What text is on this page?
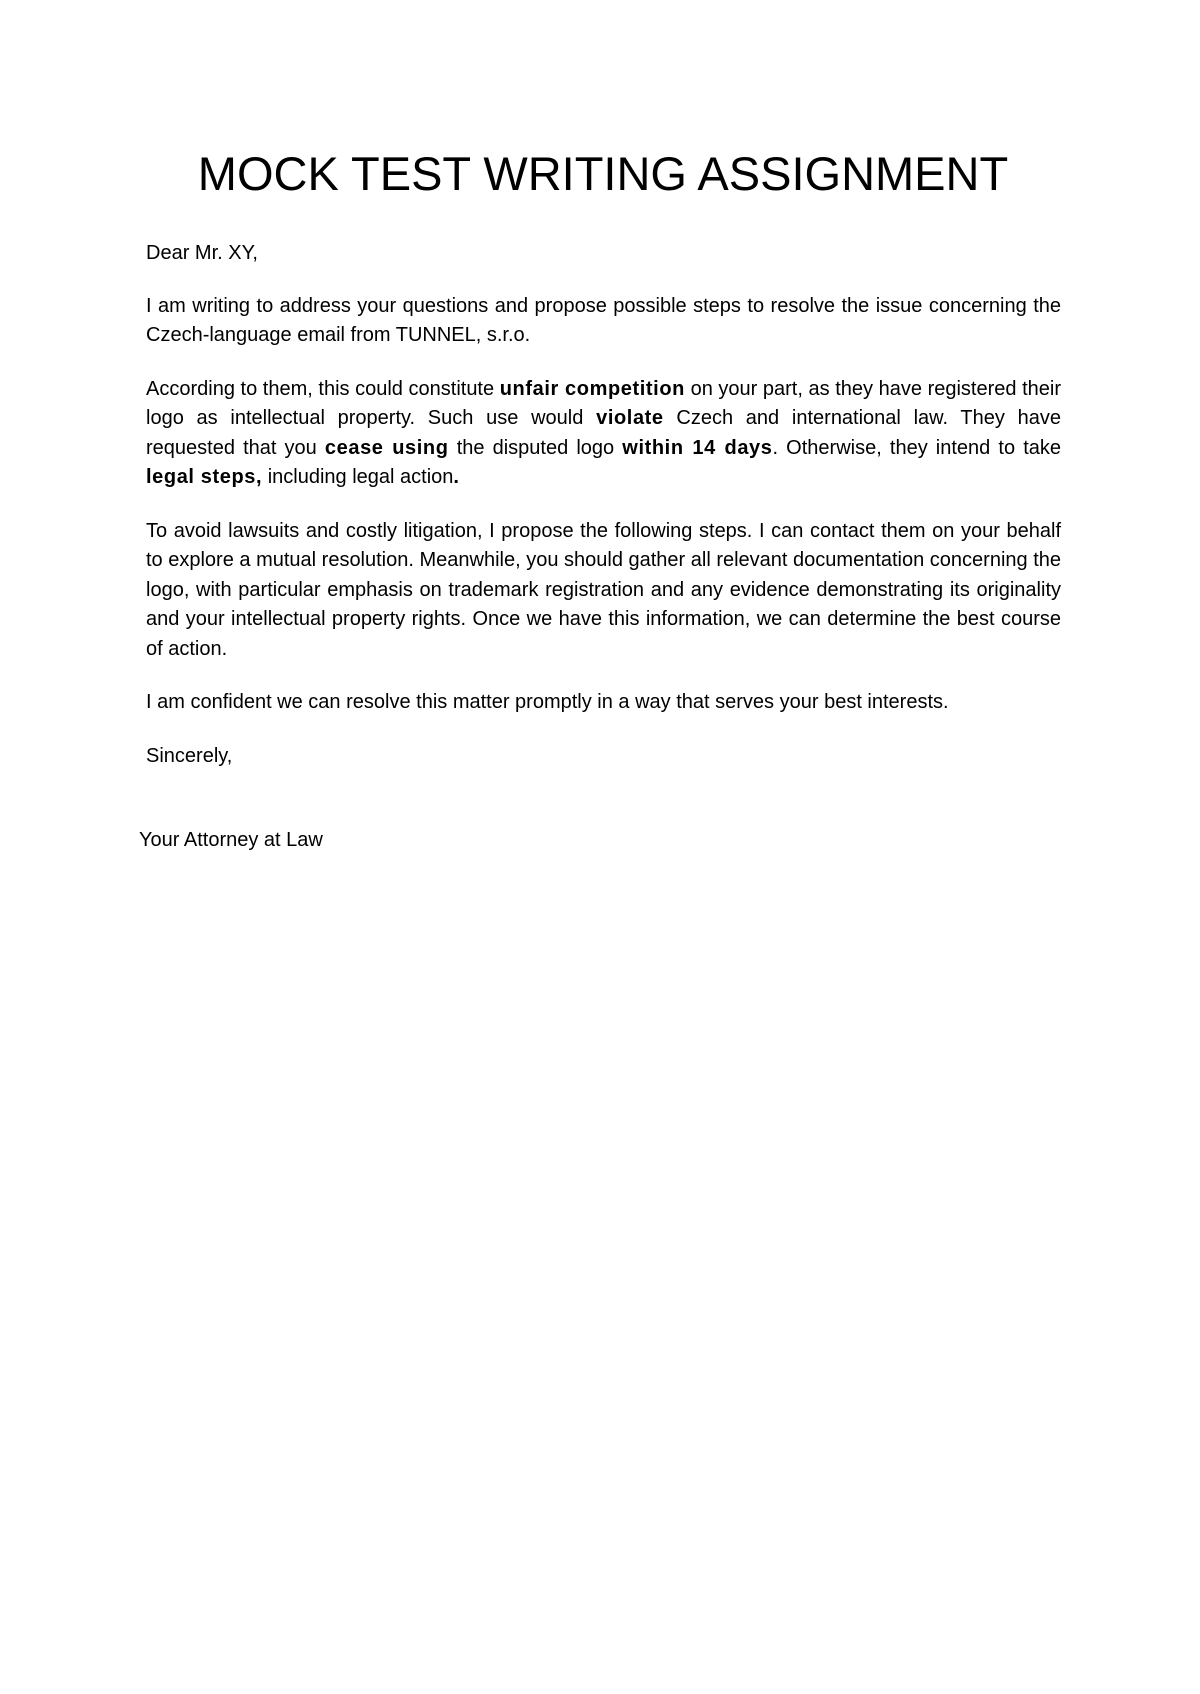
MOCK TEST WRITING ASSIGNMENT

Dear Mr. XY,

I am writing to address your questions and propose possible steps to resolve the issue concerning the Czech-language email from TUNNEL, s.r.o.

According to them, this could constitute unfair competition on your part, as they have registered their logo as intellectual property. Such use would violate Czech and international law. They have requested that you cease using the disputed logo within 14 days. Otherwise, they intend to take legal steps, including legal action.

To avoid lawsuits and costly litigation, I propose the following steps. I can contact them on your behalf to explore a mutual resolution. Meanwhile, you should gather all relevant documentation concerning the logo, with particular emphasis on trademark registration and any evidence demonstrating its originality and your intellectual property rights. Once we have this information, we can determine the best course of action.

I am confident we can resolve this matter promptly in a way that serves your best interests.

Sincerely,

Your Attorney at Law
